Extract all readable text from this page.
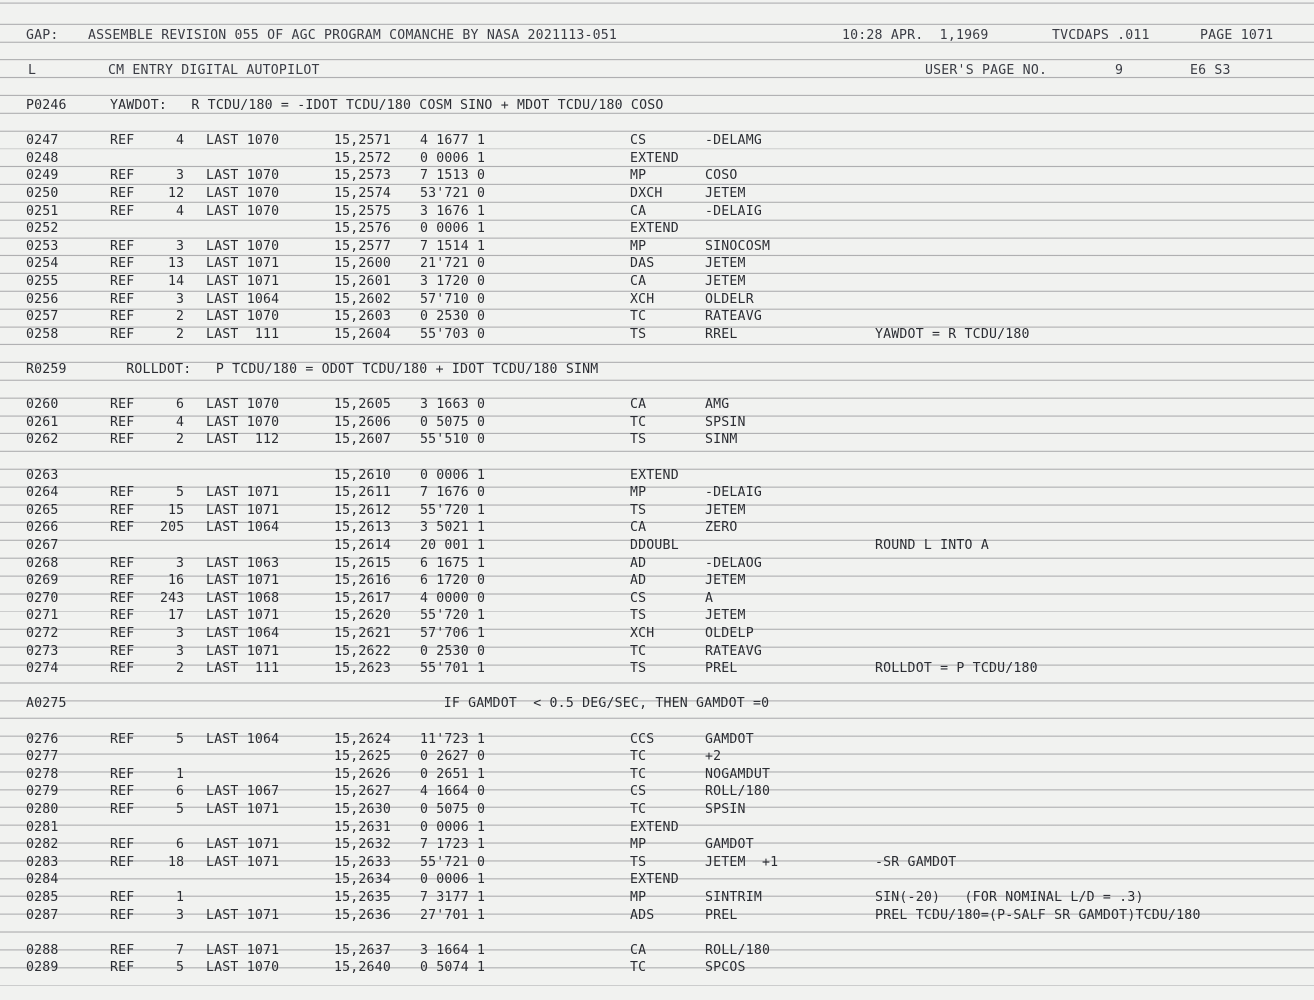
GAP:

ASSEMBLE REVISION 055 OF AGC PROGRAM COMANCHE BY NASA 2021113-051

	10:28 APR.  1,1969

	TVCDAPS .011

	PAGE 1071

L

	CM ENTRY DIGITAL AUTOPILOT

	USER'S PAGE NO.

	9

	E6 S3

P0246	YAWDOT:   R TCDU/180 = -IDOT TCDU/180 COSM SINO + MDOT TCDU/180 COSO
0247	REF	4 LAST 1070	15,2571 4 1677 1	CS	-DELAMG
0248	15,2572 0 0006 1	EXTEND
0249	REF	3 LAST 1070	15,2573 7 1513 0	MP	COSO
0250	REF	12 LAST 1070	15,2574 53'721 0	DXCH	JETEM
0251	REF	4 LAST 1070	15,2575 3 1676 1	CA	-DELAIG
0252	15,2576 0 0006 1	EXTEND
0253	REF	3 LAST 1070	15,2577 7 1514 1	MP	SINOCOSM
0254	REF	13 LAST 1071	15,2600 21'721 0	DAS	JETEM
0255	REF	14 LAST 1071	15,2601 3 1720 0	CA	JETEM
0256	REF	3 LAST 1064	15,2602 57'710 0	XCH	OLDELR
0257	REF	2 LAST 1070	15,2603 0 2530 0	TC	RATEAVG
0258	REF	2 LAST  111	15,2604 55'703 0	TS	RREL	YAWDOT = R TCDU/180
R0259	ROLLDOT:   P TCDU/180 = ODOT TCDU/180 + IDOT TCDU/180 SINM
0260	REF	6 LAST 1070	15,2605 3 1663 0	CA	AMG
0261	REF	4 LAST 1070	15,2606 0 5075 0	TC	SPSIN
0262	REF	2 LAST  112	15,2607 55'510 0	TS	SINM
0263	15,2610 0 0006 1	EXTEND
0264	REF	5 LAST 1071	15,2611 7 1676 0	MP	-DELAIG
0265	REF	15 LAST 1071	15,2612 55'720 1	TS	JETEM
0266	REF 205 LAST 1064	15,2613 3 5021 1	CA	ZERO
0267	15,2614 20 001 1	DDOUBL	ROUND L INTO A
0268	REF	3 LAST 1063	15,2615 6 1675 1	AD	-DELAOG
0269	REF	16 LAST 1071	15,2616 6 1720 0	AD	JETEM
0270	REF 243 LAST 1068	15,2617 4 0000 0	CS	A
0271	REF	17 LAST 1071	15,2620 55'720 1	TS	JETEM
0272	REF	3 LAST 1064	15,2621 57'706 1	XCH	OLDELP
0273	REF	3 LAST 1071	15,2622 0 2530 0	TC	RATEAVG
0274	REF	2 LAST  111	15,2623 55'701 1	TS	PREL	ROLLDOT = P TCDU/180
A0275	IF GAMDOT  < 0.5 DEG/SEC, THEN GAMDOT =0
0276	REF	5 LAST 1064	15,2624 11'723 1	CCS	GAMDOT
0277	15,2625 0 2627 0	TC	+2
0278	REF	1	15,2626 0 2651 1	TC	NOGAMDUT
0279	REF	6 LAST 1067	15,2627 4 1664 0	CS	ROLL/180
0280	REF	5 LAST 1071	15,2630 0 5075 0	TC	SPSIN
0281	15,2631 0 0006 1	EXTEND
0282	REF	6 LAST 1071	15,2632 7 1723 1	MP	GAMDOT
0283	REF	18 LAST 1071	15,2633 55'721 0	TS	JETEM  +1	-SR GAMDOT
0284	15,2634 0 0006 1	EXTEND
0285	REF	1	15,2635 7 3177 1	MP	SINTRIM	SIN(-20)   (FOR NOMINAL L/D = .3)
0287	REF	3 LAST 1071	15,2636 27'701 1	ADS	PREL	PREL TCDU/180=(P-SALF SR GAMDOT)TCDU/180
0288	REF	7 LAST 1071	15,2637 3 1664 1	CA	ROLL/180
0289	REF	5 LAST 1070	15,2640 0 5074 1	TC	SPCOS
